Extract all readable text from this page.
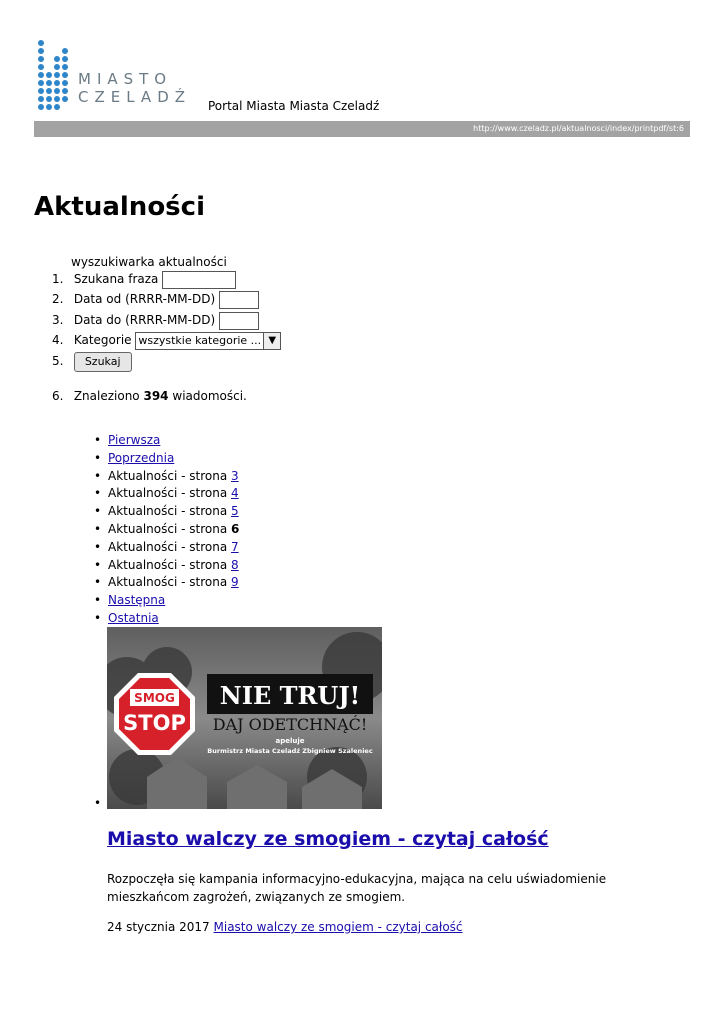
MIASTO
CZELADŹ Portal Miasta Miasta Czeladź
http://www.czeladz.pl/aktualnosci/index/printpdf/st:6
Aktualności
wyszukiwarka aktualności
1. Szukana fraza
2. Data od (RRRR-MM-DD)
3. Data do (RRRR-MM-DD)
4. Kategorie wszystkie kategorie ... ▼
5. Szukaj
6. Znaleziono 394 wiadomości.
• Pierwsza
• Poprzednia
• Aktualności - strona 3
• Aktualności - strona 4
• Aktualności - strona 5
• Aktualności - strona 6
• Aktualności - strona 7
• Aktualności - strona 8
• Aktualności - strona 9
• Następna
• Ostatnia
•
SMOG
STOP
NIE TRUJ!
DAJ ODETCHNĄĆ!
apeluje
Burmistrz Miasta Czeladź Zbigniew Szaleniec
Miasto walczy ze smogiem - czytaj całość
Rozpoczęła się kampania informacyjno-edukacyjna, mająca na celu uświadomienie mieszkańcom zagrożeń, związanych ze smogiem.
24 stycznia 2017 Miasto walczy ze smogiem - czytaj całość
